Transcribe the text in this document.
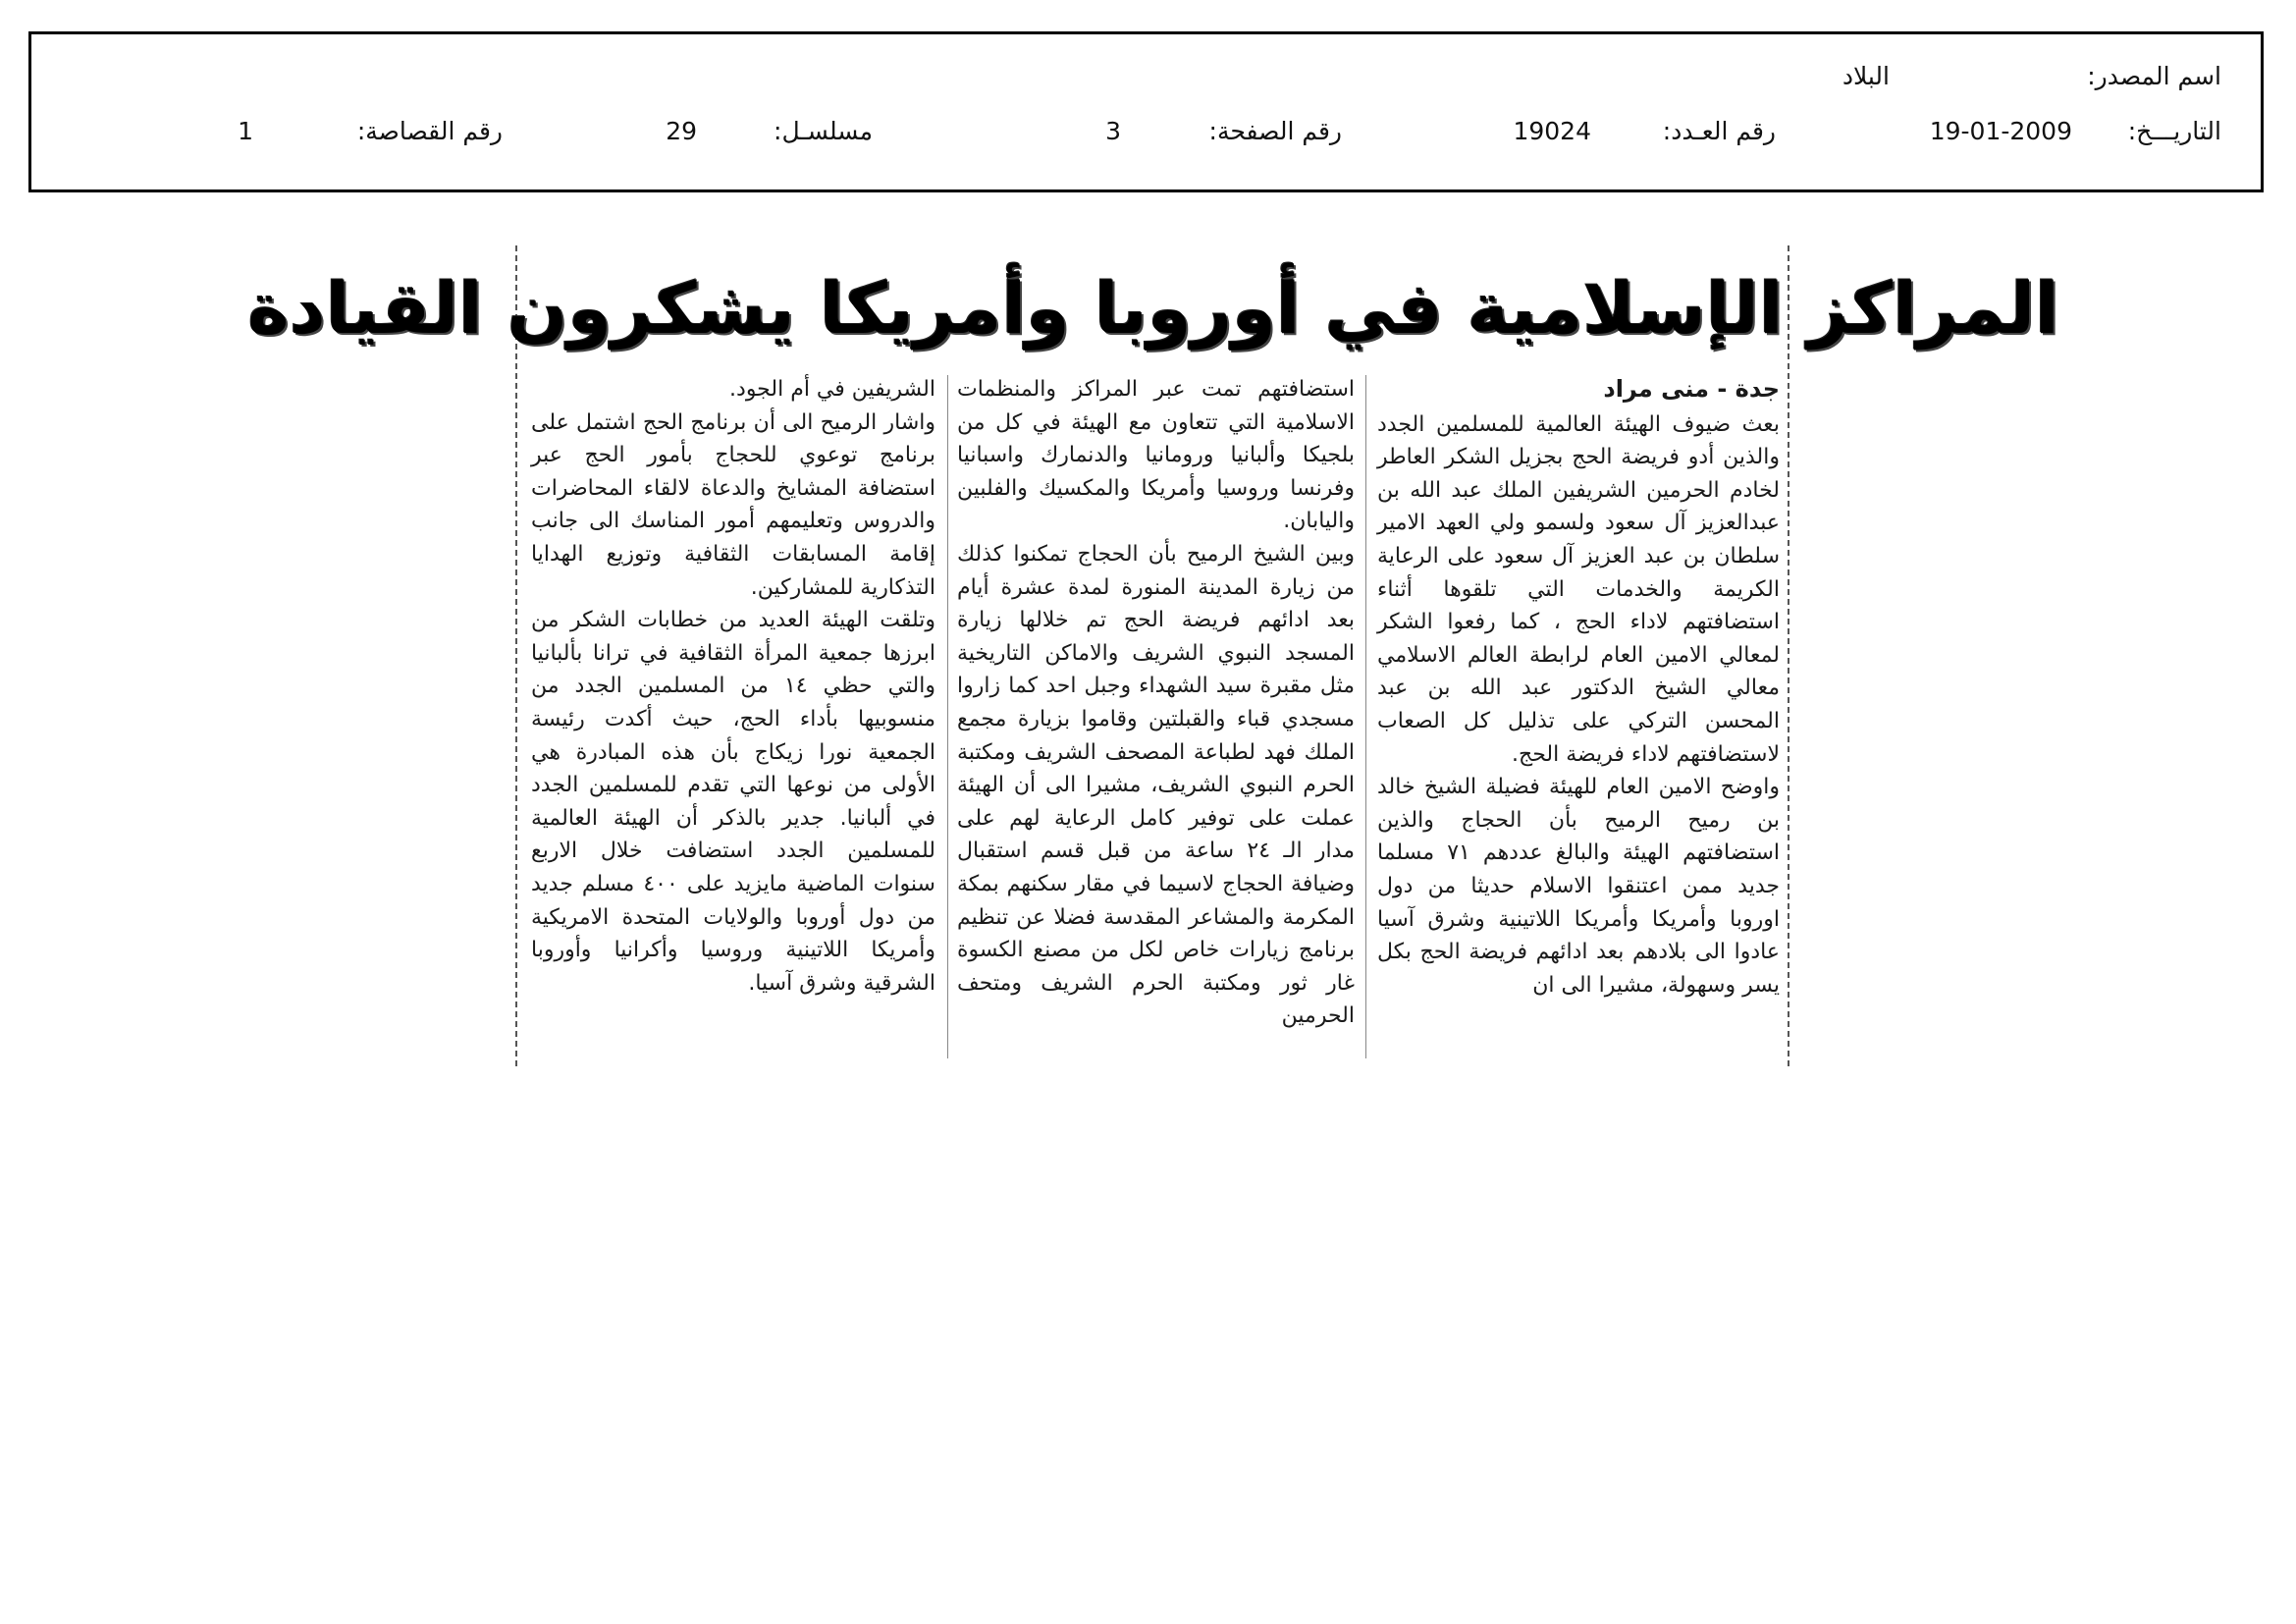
اسم المصدر:
البلاد
التاريـــخ:
19-01-2009
رقم العـدد:
19024
رقم الصفحة:
3
مسلسـل:
29
رقم القصاصة:
1
المراكز الإسلامية في أوروبا وأمريكا يشكرون القيادة

جدة - منى مراد

بعث ضيوف الهيئة العالمية للمسلمين الجدد والذين أدو فريضة الحج بجزيل الشكر العاطر لخادم الحرمين الشريفين الملك عبد الله بن عبدالعزيز آل سعود ولسمو ولي العهد الامير سلطان بن عبد العزيز آل سعود على الرعاية الكريمة والخدمات التي تلقوها أثناء استضافتهم لاداء الحج ، كما رفعوا الشكر لمعالي الامين العام لرابطة العالم الاسلامي معالي الشيخ الدكتور عبد الله بن عبد المحسن التركي على تذليل كل الصعاب لاستضافتهم لاداء فريضة الحج.

واوضح الامين العام للهيئة فضيلة الشيخ خالد بن رميح الرميح بأن الحجاج والذين استضافتهم الهيئة والبالغ عددهم ٧١ مسلما جديد ممن اعتنقوا الاسلام حديثا من دول اوروبا وأمريكا وأمريكا اللاتينية وشرق آسيا عادوا الى بلادهم بعد ادائهم فريضة الحج بكل يسر وسهولة، مشيرا الى ان

استضافتهم تمت عبر المراكز والمنظمات الاسلامية التي تتعاون مع الهيئة في كل من بلجيكا وألبانيا ورومانيا والدنمارك واسبانيا وفرنسا وروسيا وأمريكا والمكسيك والفلبين واليابان.

وبين الشيخ الرميح بأن الحجاج تمكنوا كذلك من زيارة المدينة المنورة لمدة عشرة أيام بعد ادائهم فريضة الحج تم خلالها زيارة المسجد النبوي الشريف والاماكن التاريخية مثل مقبرة سيد الشهداء وجبل احد كما زاروا مسجدي قباء والقبلتين وقاموا بزيارة مجمع الملك فهد لطباعة المصحف الشريف ومكتبة الحرم النبوي الشريف، مشيرا الى أن الهيئة عملت على توفير كامل الرعاية لهم على مدار الـ ٢٤ ساعة من قبل قسم استقبال وضيافة الحجاج لاسيما في مقار سكنهم بمكة المكرمة والمشاعر المقدسة فضلا عن تنظيم برنامج زيارات خاص لكل من مصنع الكسوة غار ثور ومكتبة الحرم الشريف ومتحف الحرمين

الشريفين في أم الجود.

واشار الرميح الى أن برنامج الحج اشتمل على برنامج توعوي للحجاج بأمور الحج عبر استضافة المشايخ والدعاة لالقاء المحاضرات والدروس وتعليمهم أمور المناسك الى جانب إقامة المسابقات الثقافية وتوزيع الهدايا التذكارية للمشاركين.

وتلقت الهيئة العديد من خطابات الشكر من ابرزها جمعية المرأة الثقافية في ترانا بألبانيا والتي حظي ١٤ من المسلمين الجدد من منسوبيها بأداء الحج، حيث أكدت رئيسة الجمعية نورا زيكاج بأن هذه المبادرة هي الأولى من نوعها التي تقدم للمسلمين الجدد في ألبانيا. جدير بالذكر أن الهيئة العالمية للمسلمين الجدد استضافت خلال الاربع سنوات الماضية مايزيد على ٤٠٠ مسلم جديد من دول أوروبا والولايات المتحدة الامريكية وأمريكا اللاتينية وروسيا وأكرانيا وأوروبا الشرقية وشرق آسيا.
